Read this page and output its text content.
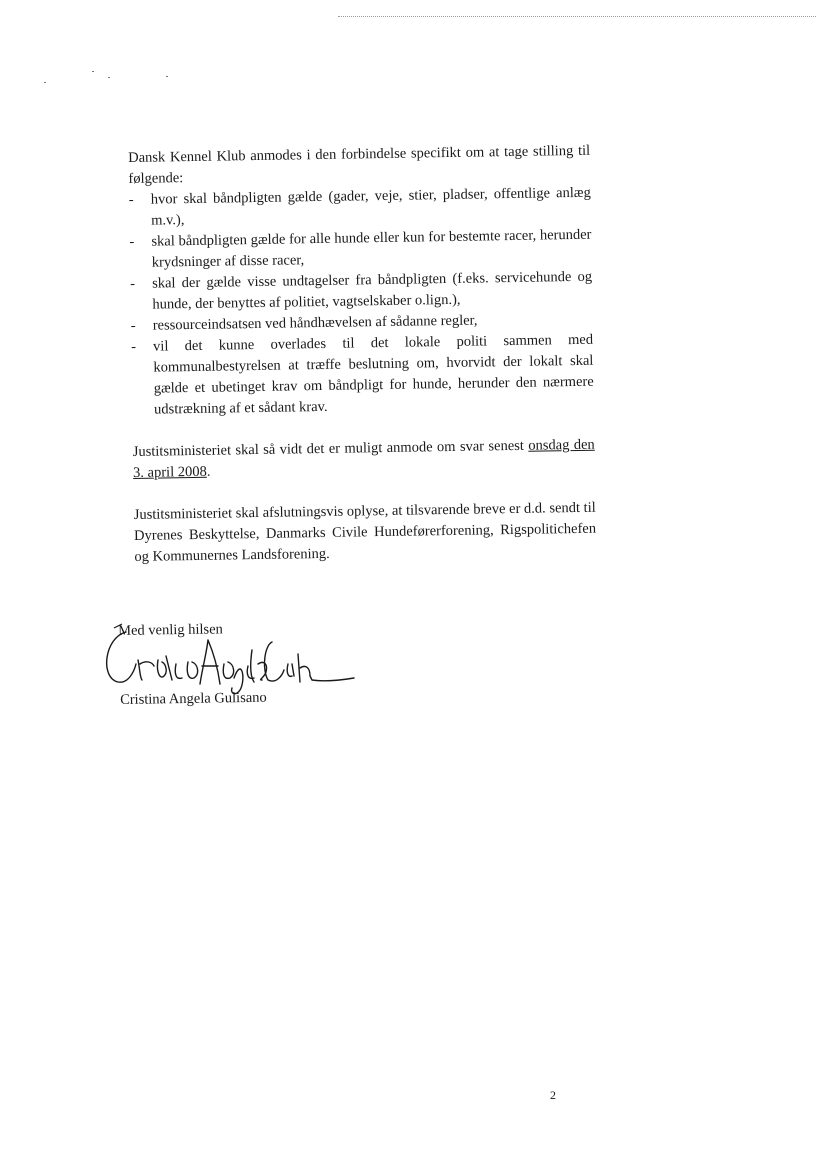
Dansk Kennel Klub anmodes i den forbindelse specifikt om at tage stilling til følgende:

- hvor skal båndpligten gælde (gader, veje, stier, pladser, offentlige anlæg m.v.),
- skal båndpligten gælde for alle hunde eller kun for bestemte racer, herunder krydsninger af disse racer,
- skal der gælde visse undtagelser fra båndpligten (f.eks. servicehunde og hunde, der benyttes af politiet, vagtselskaber o.lign.),
- ressourceindsatsen ved håndhævelsen af sådanne regler,
- vil det kunne overlades til det lokale politi sammen med kommunalbestyrelsen at træffe beslutning om, hvorvidt der lokalt skal gælde et ubetinget krav om båndpligt for hunde, herunder den nærmere udstrækning af et sådant krav.

Justitsministeriet skal så vidt det er muligt anmode om svar senest onsdag den 3. april 2008.

Justitsministeriet skal afslutningsvis oplyse, at tilsvarende breve er d.d. sendt til Dyrenes Beskyttelse, Danmarks Civile Hundeførerforening, Rigspolitichefen og Kommunernes Landsforening.

Med venlig hilsen
Cristina Angela Gulisano
2
